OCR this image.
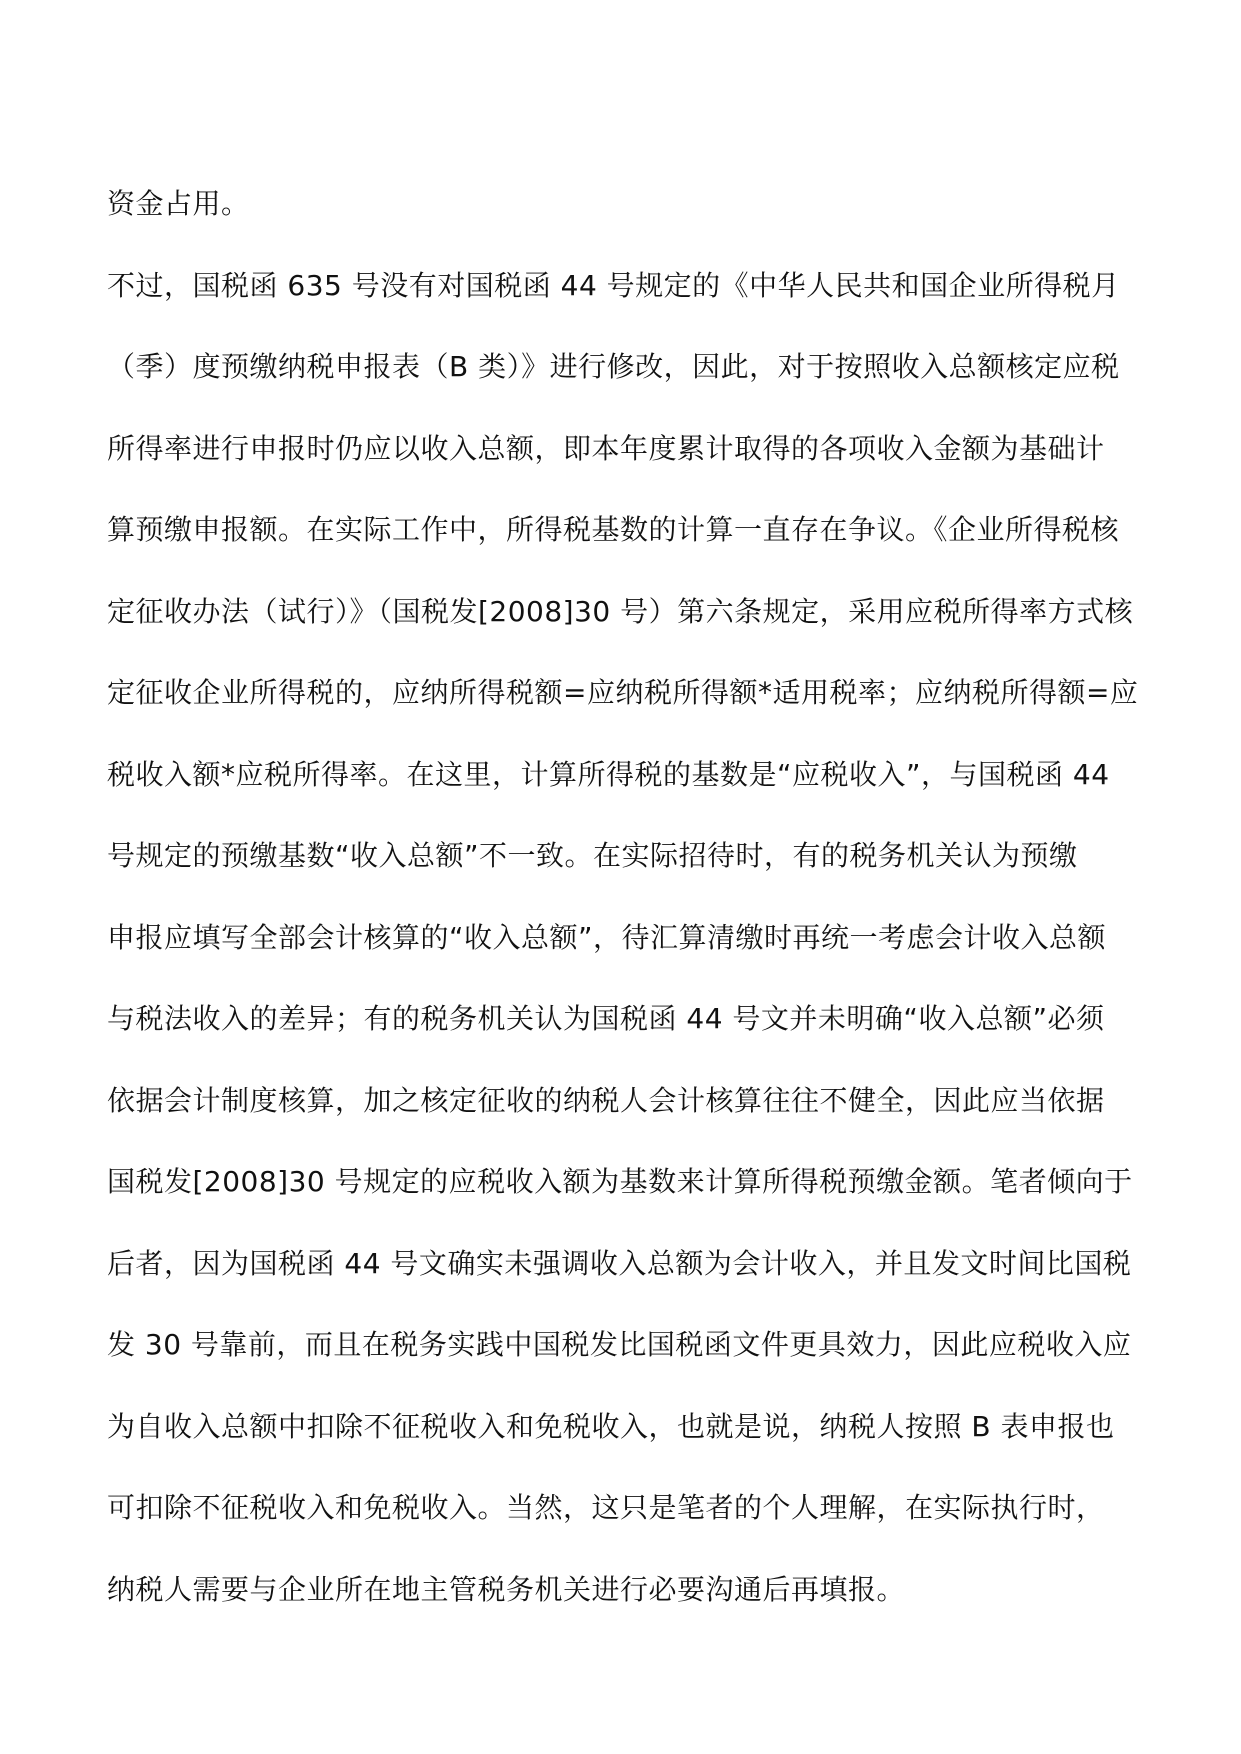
资金占用。
不过，国税函 635 号没有对国税函 44 号规定的《中华人民共和国企业所得税月
（季）度预缴纳税申报表（B 类）》进行修改，因此，对于按照收入总额核定应税
所得率进行申报时仍应以收入总额，即本年度累计取得的各项收入金额为基础计
算预缴申报额。在实际工作中，所得税基数的计算一直存在争议。《企业所得税核
定征收办法（试行）》（国税发[2008]30 号）第六条规定，采用应税所得率方式核
定征收企业所得税的，应纳所得税额=应纳税所得额*适用税率；应纳税所得额=应
税收入额*应税所得率。在这里，计算所得税的基数是“应税收入”，与国税函 44
号规定的预缴基数“收入总额”不一致。在实际招待时，有的税务机关认为预缴
申报应填写全部会计核算的“收入总额”，待汇算清缴时再统一考虑会计收入总额
与税法收入的差异；有的税务机关认为国税函 44 号文并未明确“收入总额”必须
依据会计制度核算，加之核定征收的纳税人会计核算往往不健全，因此应当依据
国税发[2008]30 号规定的应税收入额为基数来计算所得税预缴金额。笔者倾向于
后者，因为国税函 44 号文确实未强调收入总额为会计收入，并且发文时间比国税
发 30 号靠前，而且在税务实践中国税发比国税函文件更具效力，因此应税收入应
为自收入总额中扣除不征税收入和免税收入，也就是说，纳税人按照 B 表申报也
可扣除不征税收入和免税收入。当然，这只是笔者的个人理解，在实际执行时，
纳税人需要与企业所在地主管税务机关进行必要沟通后再填报。
